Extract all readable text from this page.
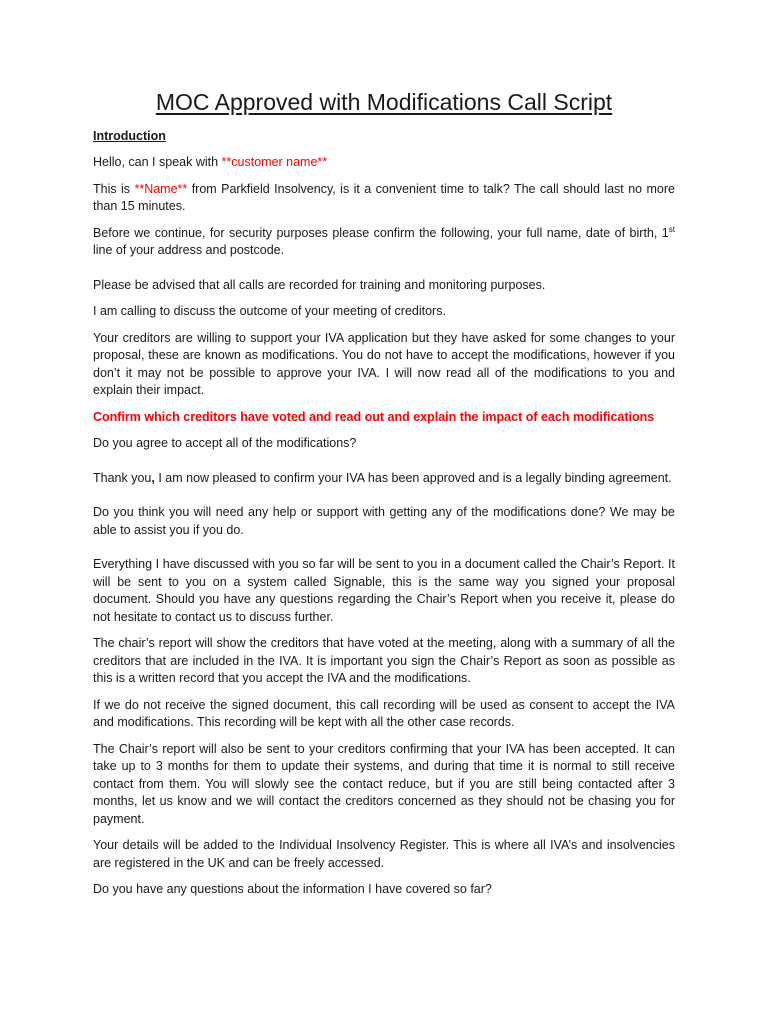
MOC Approved with Modifications Call Script
Introduction

Hello, can I speak with **customer name**

This is **Name** from Parkfield Insolvency, is it a convenient time to talk? The call should last no more than 15 minutes.

Before we continue, for security purposes please confirm the following, your full name, date of birth, 1st line of your address and postcode.

Please be advised that all calls are recorded for training and monitoring purposes.

I am calling to discuss the outcome of your meeting of creditors.

Your creditors are willing to support your IVA application but they have asked for some changes to your proposal, these are known as modifications. You do not have to accept the modifications, however if you don’t it may not be possible to approve your IVA. I will now read all of the modifications to you and explain their impact.

Confirm which creditors have voted and read out and explain the impact of each modifications

Do you agree to accept all of the modifications?

Thank you, I am now pleased to confirm your IVA has been approved and is a legally binding agreement.

Do you think you will need any help or support with getting any of the modifications done? We may be able to assist you if you do.

Everything I have discussed with you so far will be sent to you in a document called the Chair’s Report. It will be sent to you on a system called Signable, this is the same way you signed your proposal document. Should you have any questions regarding the Chair’s Report when you receive it, please do not hesitate to contact us to discuss further.

The chair’s report will show the creditors that have voted at the meeting, along with a summary of all the creditors that are included in the IVA. It is important you sign the Chair’s Report as soon as possible as this is a written record that you accept the IVA and the modifications.

If we do not receive the signed document, this call recording will be used as consent to accept the IVA and modifications. This recording will be kept with all the other case records.

The Chair’s report will also be sent to your creditors confirming that your IVA has been accepted. It can take up to 3 months for them to update their systems, and during that time it is normal to still receive contact from them. You will slowly see the contact reduce, but if you are still being contacted after 3 months, let us know and we will contact the creditors concerned as they should not be chasing you for payment.

Your details will be added to the Individual Insolvency Register. This is where all IVA’s and insolvencies are registered in the UK and can be freely accessed.

Do you have any questions about the information I have covered so far?
